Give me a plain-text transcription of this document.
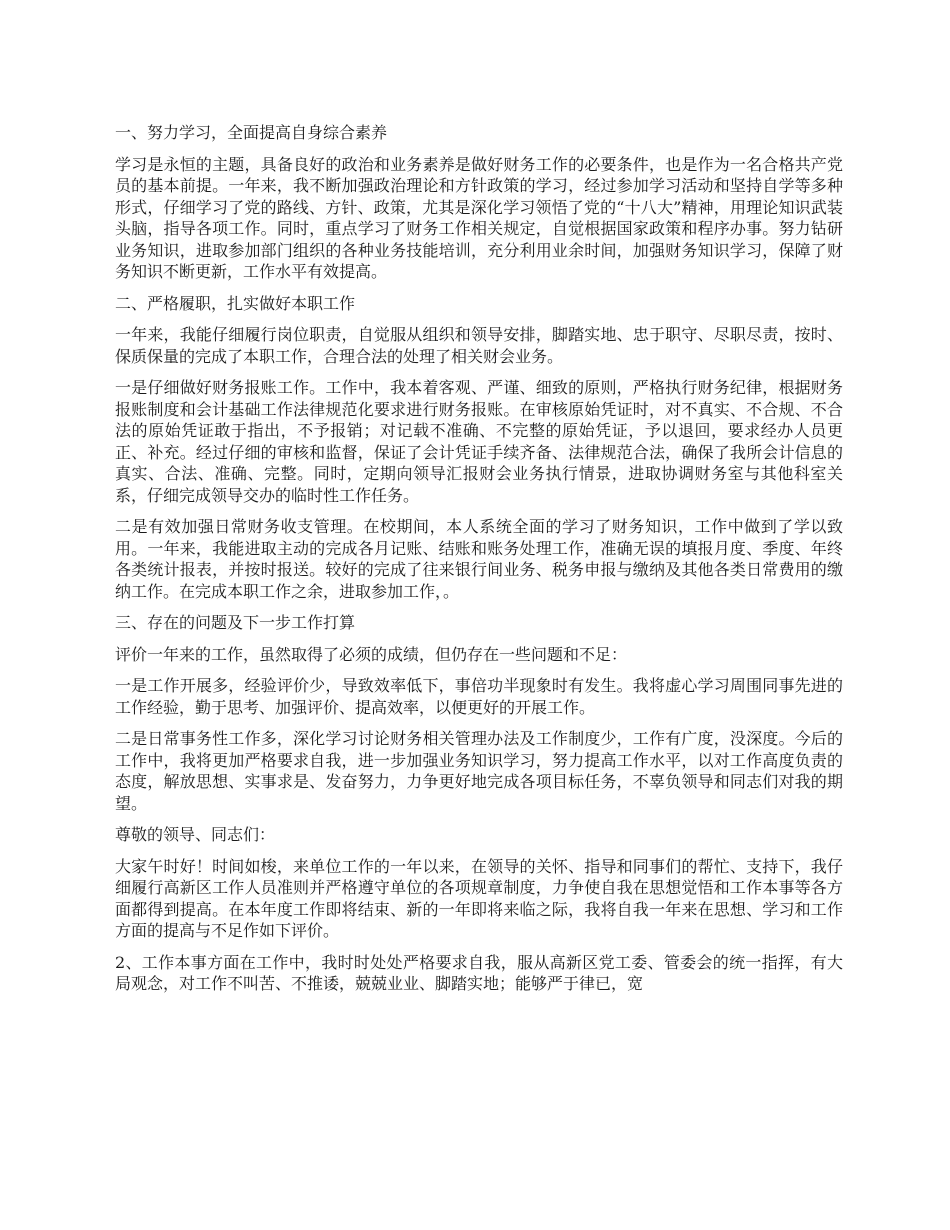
一、努力学习，全面提高自身综合素养

学习是永恒的主题，具备良好的政治和业务素养是做好财务工作的必要条件，也是作为一名合格共产党员的基本前提。一年来，我不断加强政治理论和方针政策的学习，经过参加学习活动和坚持自学等多种形式，仔细学习了党的路线、方针、政策，尤其是深化学习领悟了党的“十八大”精神，用理论知识武装头脑，指导各项工作。同时，重点学习了财务工作相关规定，自觉根据国家政策和程序办事。努力钻研业务知识，进取参加部门组织的各种业务技能培训，充分利用业余时间，加强财务知识学习，保障了财务知识不断更新，工作水平有效提高。

二、严格履职，扎实做好本职工作

一年来，我能仔细履行岗位职责，自觉服从组织和领导安排，脚踏实地、忠于职守、尽职尽责，按时、保质保量的完成了本职工作，合理合法的处理了相关财会业务。

一是仔细做好财务报账工作。工作中，我本着客观、严谨、细致的原则，严格执行财务纪律，根据财务报账制度和会计基础工作法律规范化要求进行财务报账。在审核原始凭证时，对不真实、不合规、不合法的原始凭证敢于指出，不予报销；对记载不准确、不完整的原始凭证，予以退回，要求经办人员更正、补充。经过仔细的审核和监督，保证了会计凭证手续齐备、法律规范合法，确保了我所会计信息的真实、合法、准确、完整。同时，定期向领导汇报财会业务执行情景，进取协调财务室与其他科室关系，仔细完成领导交办的临时性工作任务。

二是有效加强日常财务收支管理。在校期间，本人系统全面的学习了财务知识，工作中做到了学以致用。一年来，我能进取主动的完成各月记账、结账和账务处理工作，准确无误的填报月度、季度、年终各类统计报表，并按时报送。较好的完成了往来银行间业务、税务申报与缴纳及其他各类日常费用的缴纳工作。在完成本职工作之余，进取参加工作，。

三、存在的问题及下一步工作打算

评价一年来的工作，虽然取得了必须的成绩，但仍存在一些问题和不足：

一是工作开展多，经验评价少，导致效率低下，事倍功半现象时有发生。我将虚心学习周围同事先进的工作经验，勤于思考、加强评价、提高效率，以便更好的开展工作。

二是日常事务性工作多，深化学习讨论财务相关管理办法及工作制度少，工作有广度，没深度。今后的工作中，我将更加严格要求自我，进一步加强业务知识学习，努力提高工作水平，以对工作高度负责的态度，解放思想、实事求是、发奋努力，力争更好地完成各项目标任务，不辜负领导和同志们对我的期望。

尊敬的领导、同志们：

大家午时好！时间如梭，来单位工作的一年以来，在领导的关怀、指导和同事们的帮忙、支持下，我仔细履行高新区工作人员准则并严格遵守单位的各项规章制度，力争使自我在思想觉悟和工作本事等各方面都得到提高。在本年度工作即将结束、新的一年即将来临之际，我将自我一年来在思想、学习和工作方面的提高与不足作如下评价。

2、工作本事方面在工作中，我时时处处严格要求自我，服从高新区党工委、管委会的统一指挥，有大局观念，对工作不叫苦、不推诿，兢兢业业、脚踏实地；能够严于律已，宽
